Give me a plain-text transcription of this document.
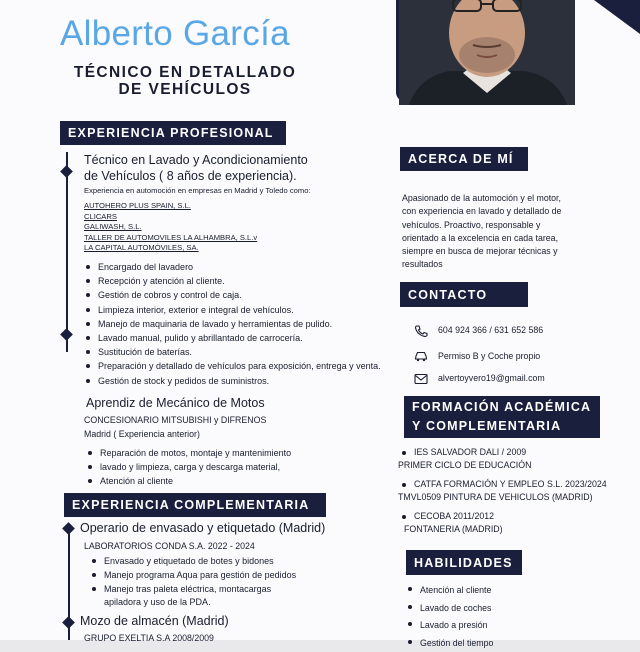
Alberto García
TÉCNICO EN DETALLADO
DE VEHÍCULOS
EXPERIENCIA PROFESIONAL
Técnico en Lavado y Acondicionamiento
de Vehículos ( 8 años de experiencia).
Experiencia en automoción en empresas en Madrid y Toledo como:
AUTOHERO PLUS SPAIN, S.L.
CLICARS
GALIWASH, S.L.
TALLER DE AUTOMOVILES LA ALHAMBRA, S.L.v
LA CAPITAL AUTOMÓVILES, SA.
Encargado del lavadero
Recepción y atención al cliente.
Gestión de cobros y control de caja.
Limpieza interior, exterior e integral de vehículos.
Manejo de maquinaria de lavado y herramientas de pulido.
Lavado manual, pulido y abrillantado de carrocería.
Sustitución de baterías.
Preparación y detallado de vehículos para exposición, entrega y venta.
Gestión de stock y pedidos de suministros.
Aprendiz de Mecánico de Motos
CONCESIONARIO MITSUBISHI y DIFRENOS
Madrid ( Experiencia anterior)
Reparación de motos, montaje y mantenimiento
lavado y limpieza, carga y descarga material,
Atención al cliente
EXPERIENCIA COMPLEMENTARIA
Operario de envasado y etiquetado (Madrid)
LABORATORIOS CONDA S.A. 2022 - 2024
Envasado y etiquetado de botes y bidones
Manejo programa Aqua para gestión de pedidos
Manejo tras paleta eléctrica, montacargas
apiladora y uso de la PDA.
Mozo de almacén (Madrid)
GRUPO EXELTIA S.A 2008/2009
ACERCA DE MÍ
Apasionado de la automoción y el motor,
con experiencia en lavado y detallado de
vehículos. Proactivo, responsable y
orientado a la excelencia en cada tarea,
siempre en busca de mejorar técnicas y
resultados
CONTACTO
604 924 366 / 631 652 586
Permiso B y Coche propio
alvertoyvero19@gmail.com
FORMACIÓN ACADÉMICA
Y COMPLEMENTARIA
IES SALVADOR DALI / 2009
PRIMER CICLO DE EDUCACIÓN
CATFA FORMACIÓN Y EMPLEO S.L. 2023/2024
TMVL0509 PINTURA DE VEHICULOS (MADRID)
CECOBA 2011/2012
FONTANERIA (MADRID)
HABILIDADES
Atención al cliente
Lavado de coches
Lavado a presión
Gestión del tiempo
